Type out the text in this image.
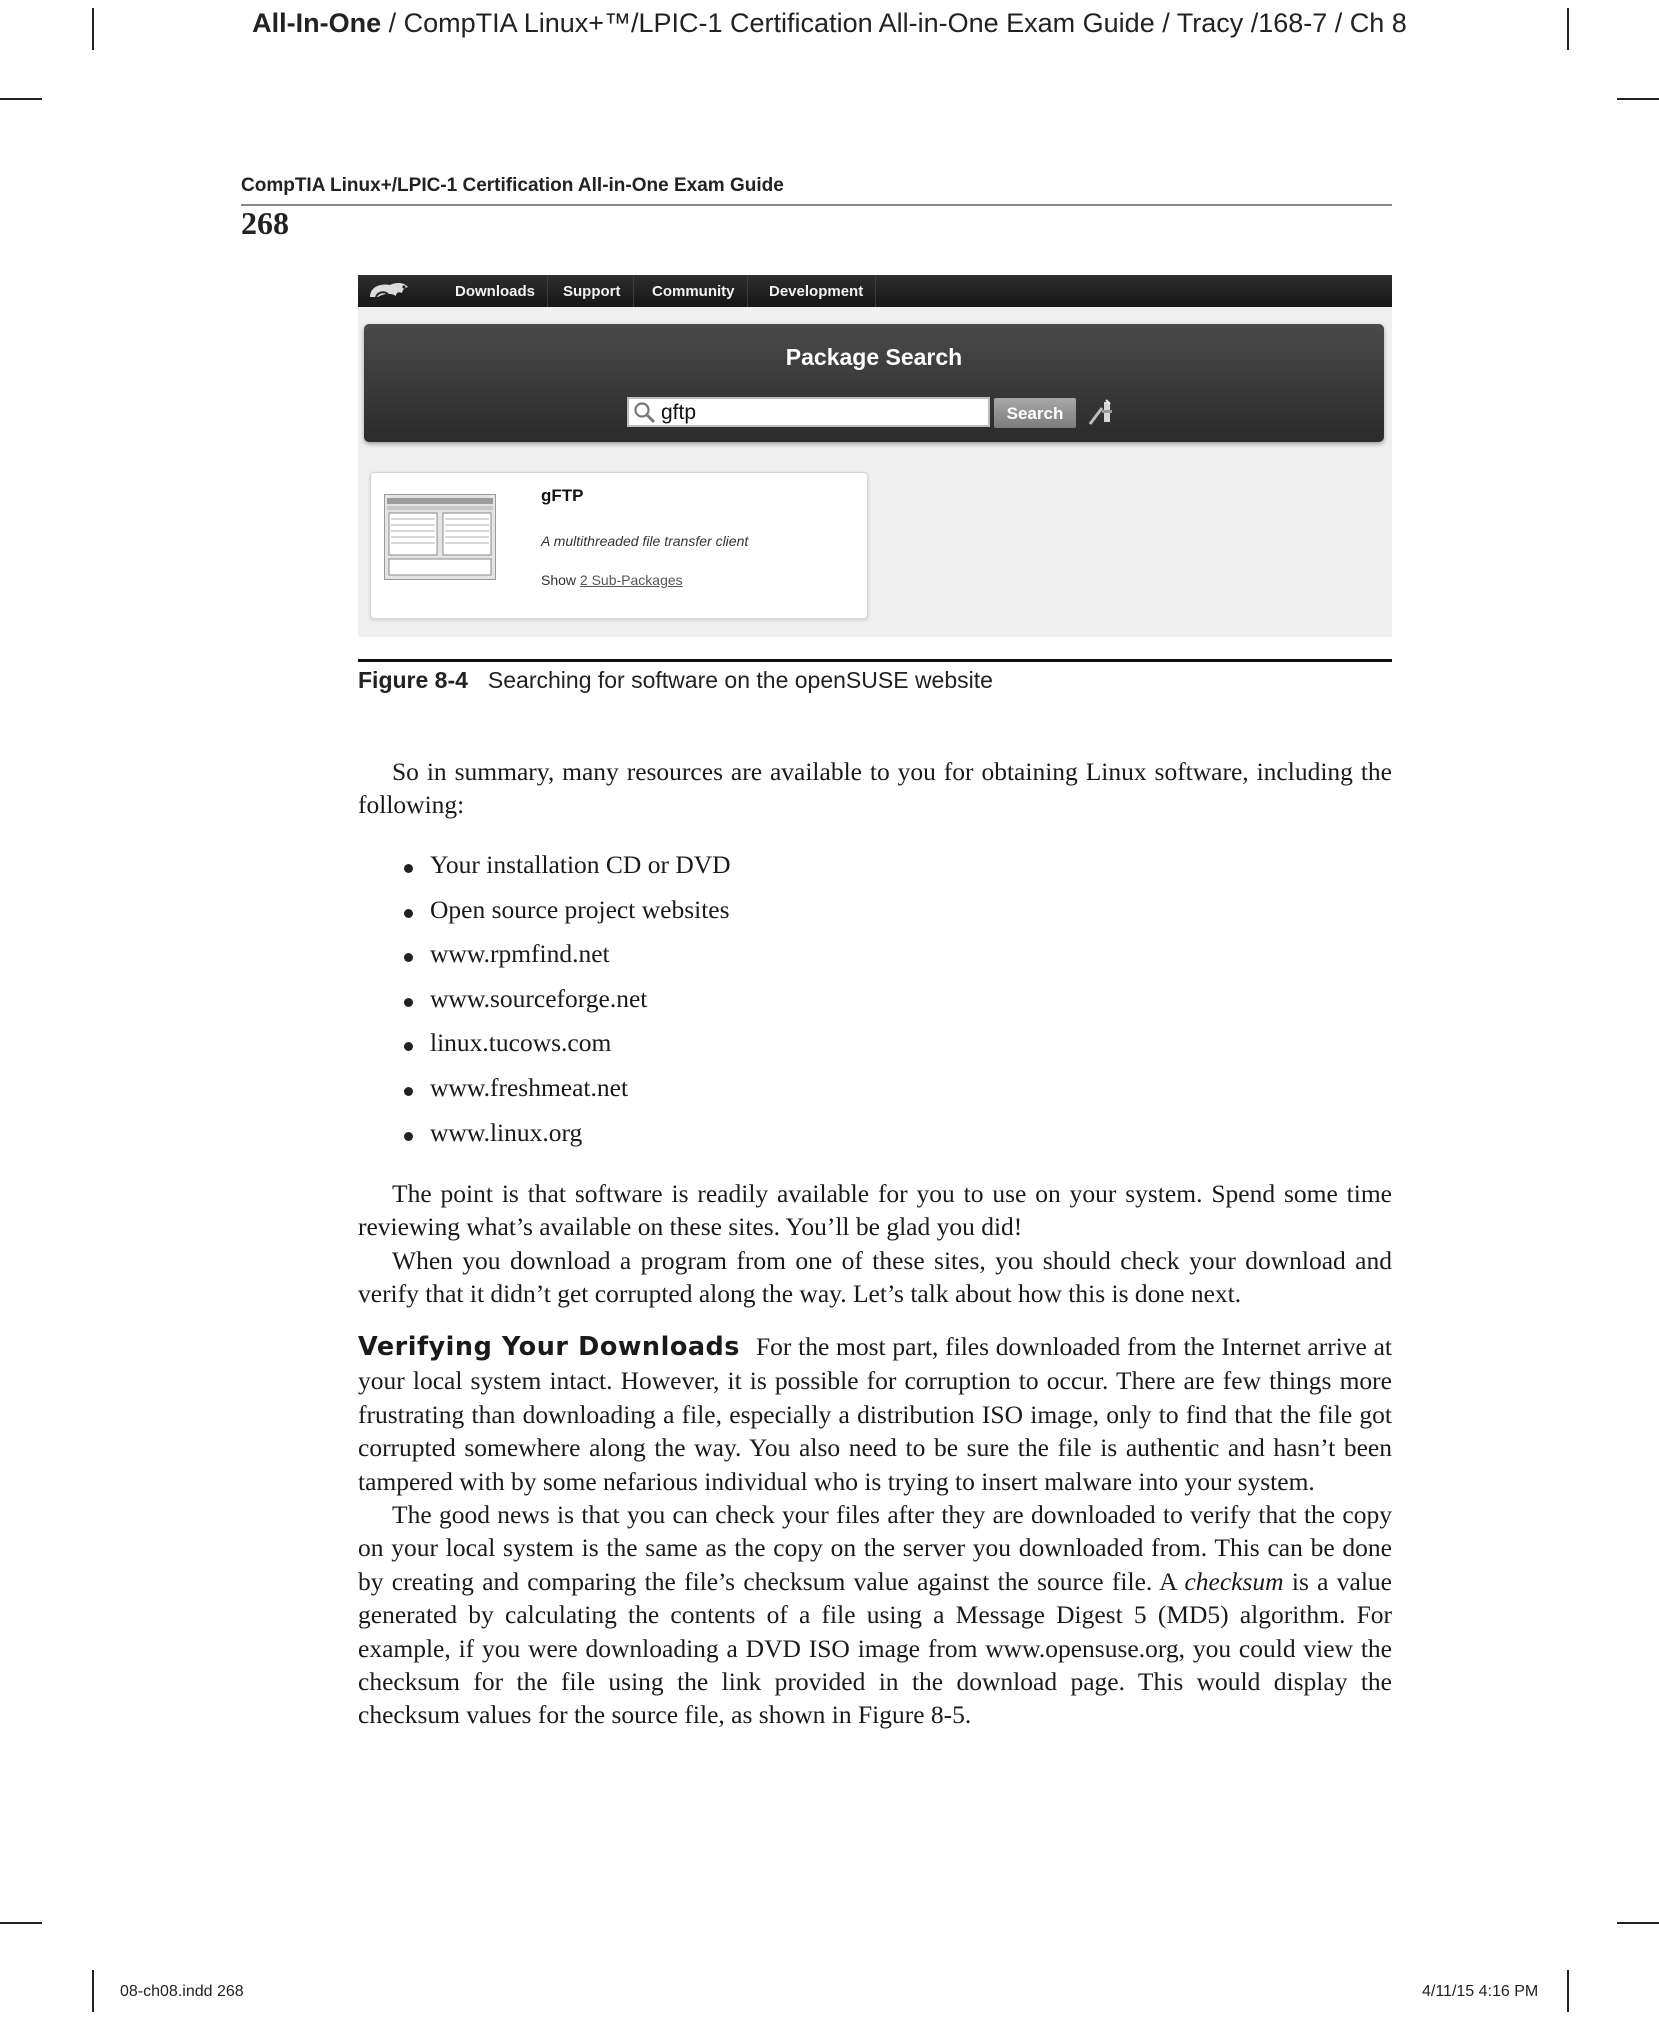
All-In-One / CompTIA Linux+™/LPIC-1 Certification All-in-One Exam Guide / Tracy /168-7 / Ch 8
CompTIA Linux+/LPIC-1 Certification All-in-One Exam Guide
268
Downloads	Support	Community	Development
Package Search
gftp	Search
gFTP
A multithreaded file transfer client
Show 2 Sub-Packages
Figure 8-4 Searching for software on the openSUSE website

So in summary, many resources are available to you for obtaining Linux software, including the following:

Your installation CD or DVD
Open source project websites
www.rpmfind.net
www.sourceforge.net
linux.tucows.com
www.freshmeat.net
www.linux.org

The point is that software is readily available for you to use on your system. Spend some time reviewing what’s available on these sites. You’ll be glad you did!

When you download a program from one of these sites, you should check your download and verify that it didn’t get corrupted along the way. Let’s talk about how this is done next.

Verifying Your Downloads For the most part, files downloaded from the Internet arrive at your local system intact. However, it is possible for corruption to occur. There are few things more frustrating than downloading a file, especially a distribution ISO image, only to find that the file got corrupted somewhere along the way. You also need to be sure the file is authentic and hasn’t been tampered with by some nefarious individual who is trying to insert malware into your system.

The good news is that you can check your files after they are downloaded to verify that the copy on your local system is the same as the copy on the server you downloaded from. This can be done by creating and comparing the file’s checksum value against the source file. A checksum is a value generated by calculating the contents of a file using a Message Digest 5 (MD5) algorithm. For example, if you were downloading a DVD ISO image from www.opensuse.org, you could view the checksum for the file using the link provided in the download page. This would display the checksum values for the source file, as shown in Figure 8-5.

08-ch08.indd 268	4/11/15 4:16 PM
